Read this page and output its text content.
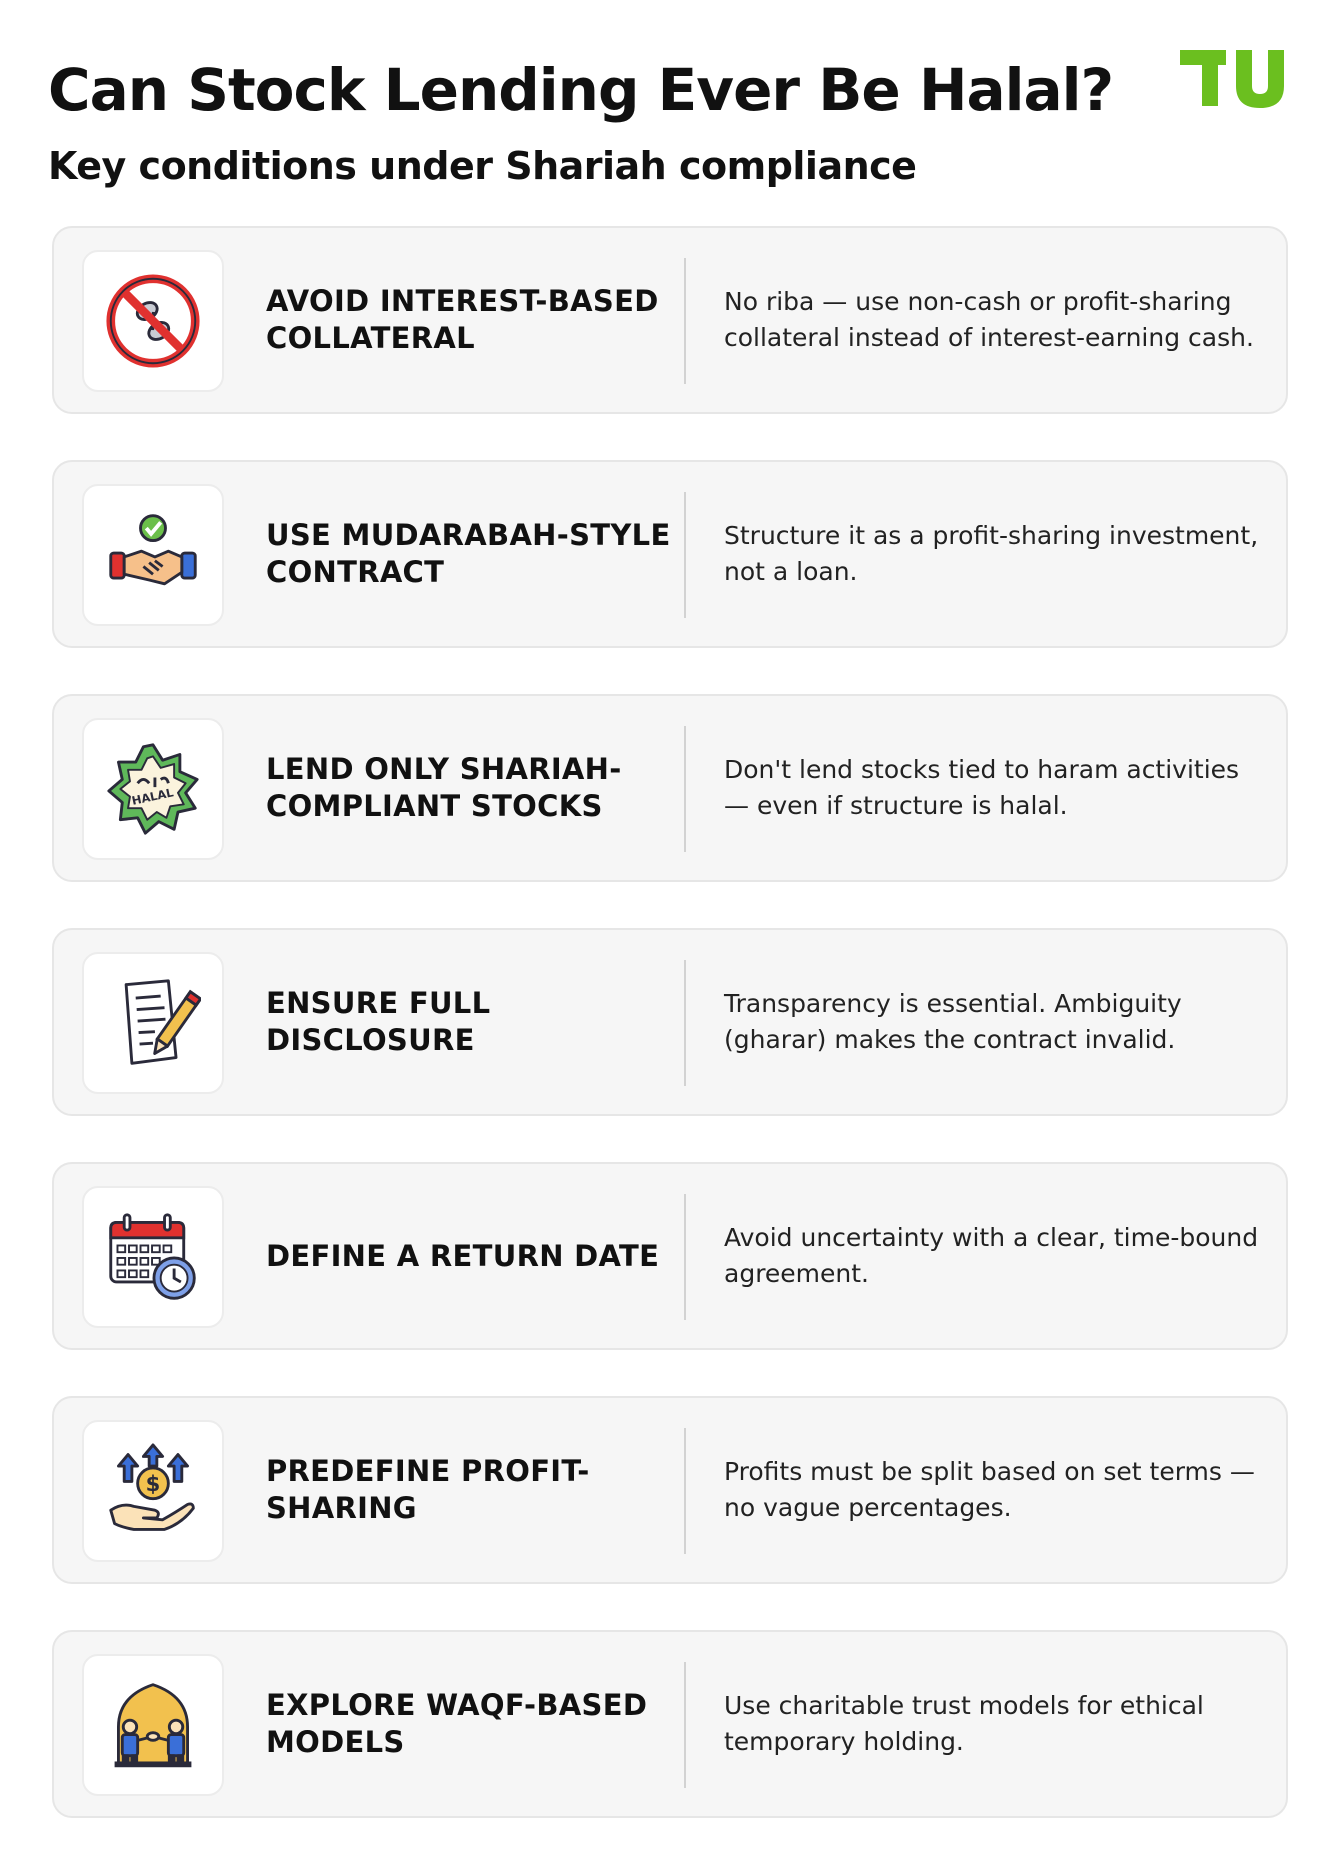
Can Stock Lending Ever Be Halal?
Key conditions under Shariah compliance
AVOID INTEREST-BASED COLLATERAL
No riba — use non-cash or profit-sharing collateral instead of interest-earning cash.
USE MUDARABAH-STYLE CONTRACT
Structure it as a profit-sharing investment, not a loan.
HALAL
LEND ONLY SHARIAH-COMPLIANT STOCKS
Don't lend stocks tied to haram activities — even if structure is halal.
ENSURE FULL DISCLOSURE
Transparency is essential. Ambiguity (gharar) makes the contract invalid.
DEFINE A RETURN DATE
Avoid uncertainty with a clear, time-bound agreement.
$	PREDEFINE PROFIT-SHARING
Profits must be split based on set terms — no vague percentages.
EXPLORE WAQF-BASED MODELS
Use charitable trust models for ethical temporary holding.
